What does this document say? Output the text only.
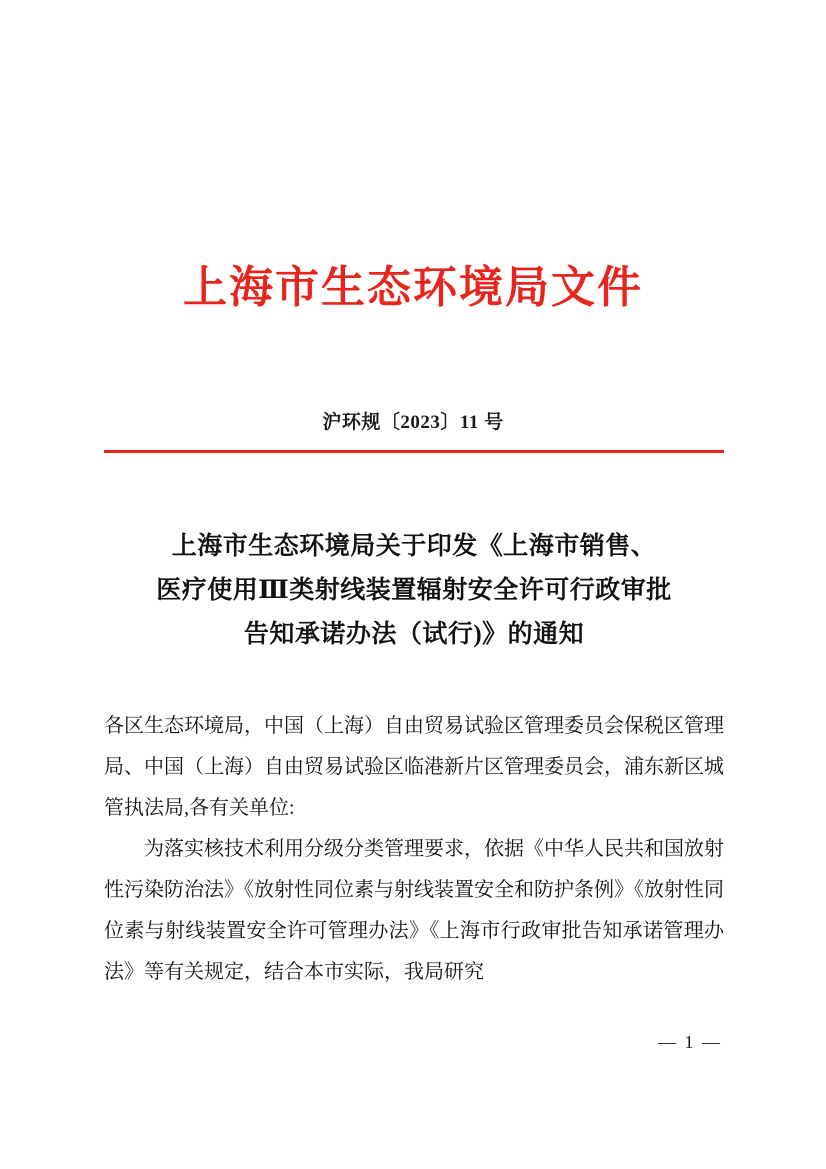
上海市生态环境局文件
沪环规〔2023〕11 号
上海市生态环境局关于印发《上海市销售、
医疗使用Ⅲ类射线装置辐射安全许可行政审批
告知承诺办法（试行)》的通知

各区生态环境局，中国（上海）自由贸易试验区管理委员会保税区管理局、中国（上海）自由贸易试验区临港新片区管理委员会，浦东新区城管执法局,各有关单位:

为落实核技术利用分级分类管理要求，依据《中华人民共和国放射性污染防治法》《放射性同位素与射线装置安全和防护条例》《放射性同位素与射线装置安全许可管理办法》《上海市行政审批告知承诺管理办法》等有关规定，结合本市实际，我局研究

— 1 —
